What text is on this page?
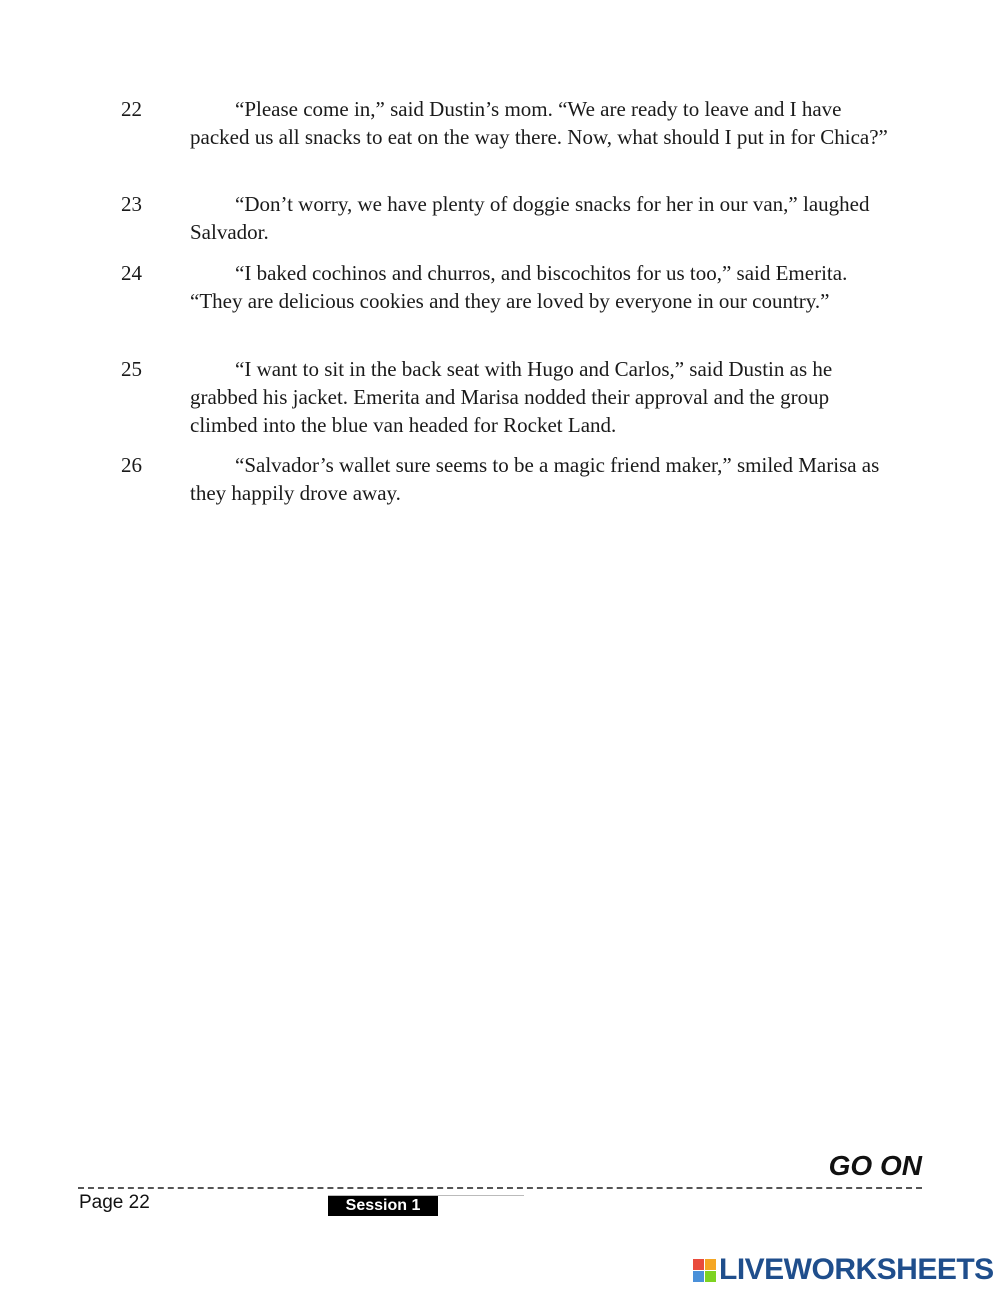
22	“Please come in,” said Dustin’s mom. “We are ready to leave and I have packed us all snacks to eat on the way there. Now, what should I put in for Chica?”

23	“Don’t worry, we have plenty of doggie snacks for her in our van,” laughed Salvador.

24	“I baked cochinos and churros, and biscochitos for us too,” said Emerita. “They are delicious cookies and they are loved by everyone in our country.”

25	“I want to sit in the back seat with Hugo and Carlos,” said Dustin as he grabbed his jacket. Emerita and Marisa nodded their approval and the group climbed into the blue van headed for Rocket Land.

26	“Salvador’s wallet sure seems to be a magic friend maker,” smiled Marisa as they happily drove away.

GO ON
Page 22	Session 1
LIVEWORKSHEETS
